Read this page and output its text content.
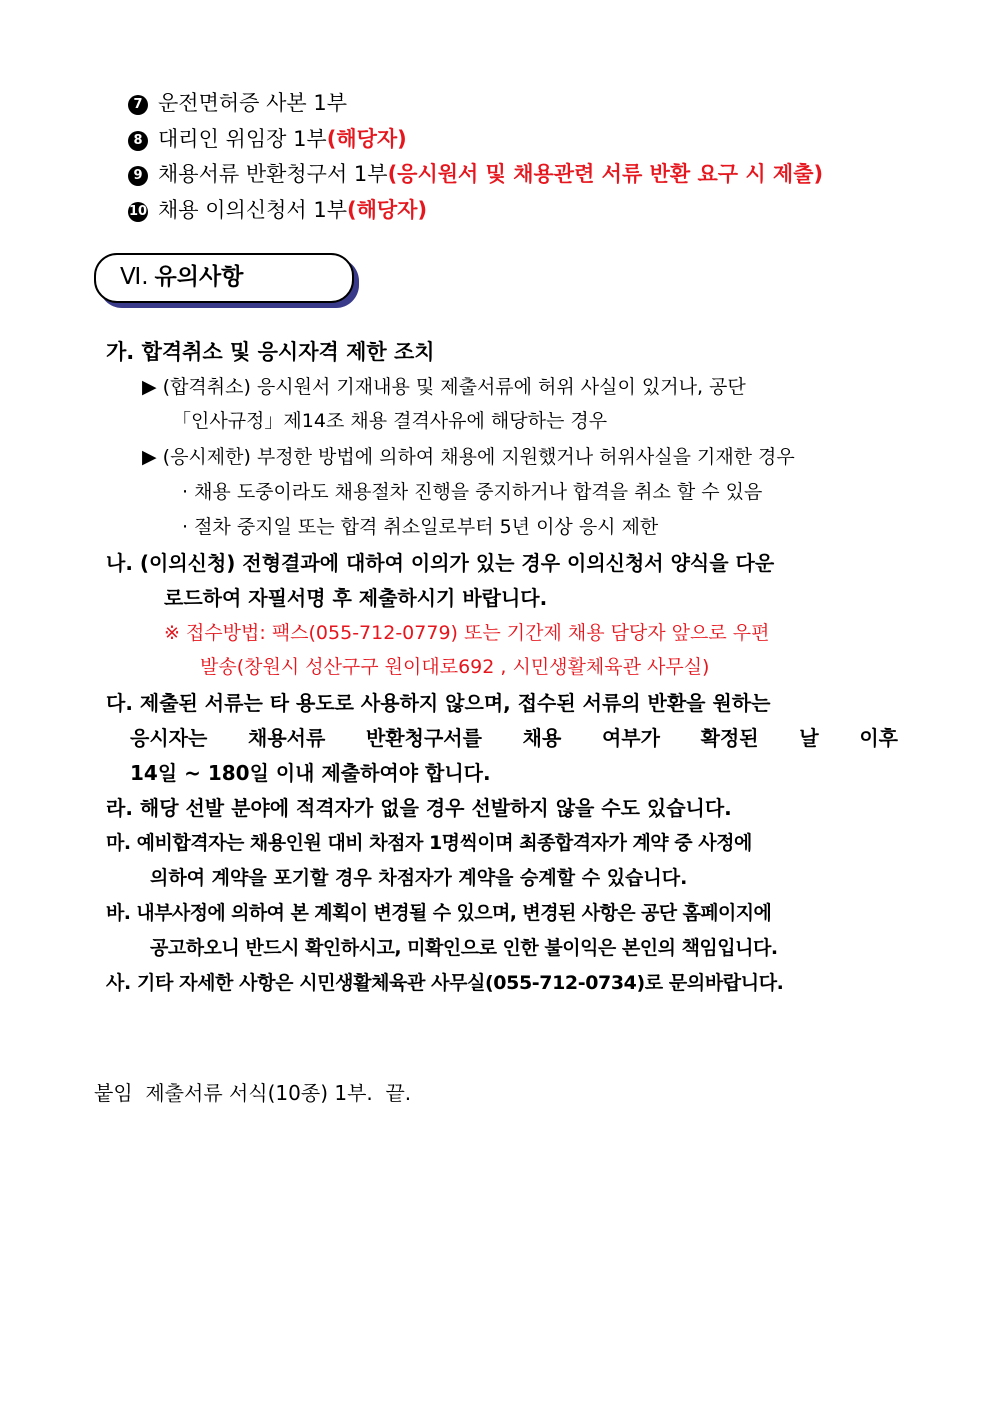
7 운전면허증 사본 1부
8 대리인 위임장 1부(해당자)
9 채용서류 반환청구서 1부(응시원서 및 채용관련 서류 반환 요구 시 제출)
10 채용 이의신청서 1부(해당자)
Ⅵ. 유의사항
가. 합격취소 및 응시자격 제한 조치
▶ (합격취소) 응시원서 기재내용 및 제출서류에 허위 사실이 있거나, 공단
「인사규정」제14조 채용 결격사유에 해당하는 경우
▶ (응시제한) 부정한 방법에 의하여 채용에 지원했거나 허위사실을 기재한 경우
· 채용 도중이라도 채용절차 진행을 중지하거나 합격을 취소 할 수 있음
· 절차 중지일 또는 합격 취소일로부터 5년 이상 응시 제한
나. (이의신청) 전형결과에 대하여 이의가 있는 경우 이의신청서 양식을 다운
로드하여 자필서명 후 제출하시기 바랍니다.
※ 접수방법: 팩스(055-712-0779) 또는 기간제 채용 담당자 앞으로 우편
발송(창원시 성산구구 원이대로692 , 시민생활체육관 사무실)
다. 제출된 서류는 타 용도로 사용하지 않으며, 접수된 서류의 반환을 원하는
응시자는 채용서류 반환청구서를 채용 여부가 확정된 날 이후
14일 ~ 180일 이내 제출하여야 합니다.
라. 해당 선발 분야에 적격자가 없을 경우 선발하지 않을 수도 있습니다.
마. 예비합격자는 채용인원 대비 차점자 1명씩이며 최종합격자가 계약 중 사정에
의하여 계약을 포기할 경우 차점자가 계약을 승계할 수 있습니다.
바. 내부사정에 의하여 본 계획이 변경될 수 있으며, 변경된 사항은 공단 홈페이지에
공고하오니 반드시 확인하시고, 미확인으로 인한 불이익은 본인의 책임입니다.
사. 기타 자세한 사항은 시민생활체육관 사무실(055-712-0734)로 문의바랍니다.
붙임  제출서류 서식(10종) 1부.  끝.
